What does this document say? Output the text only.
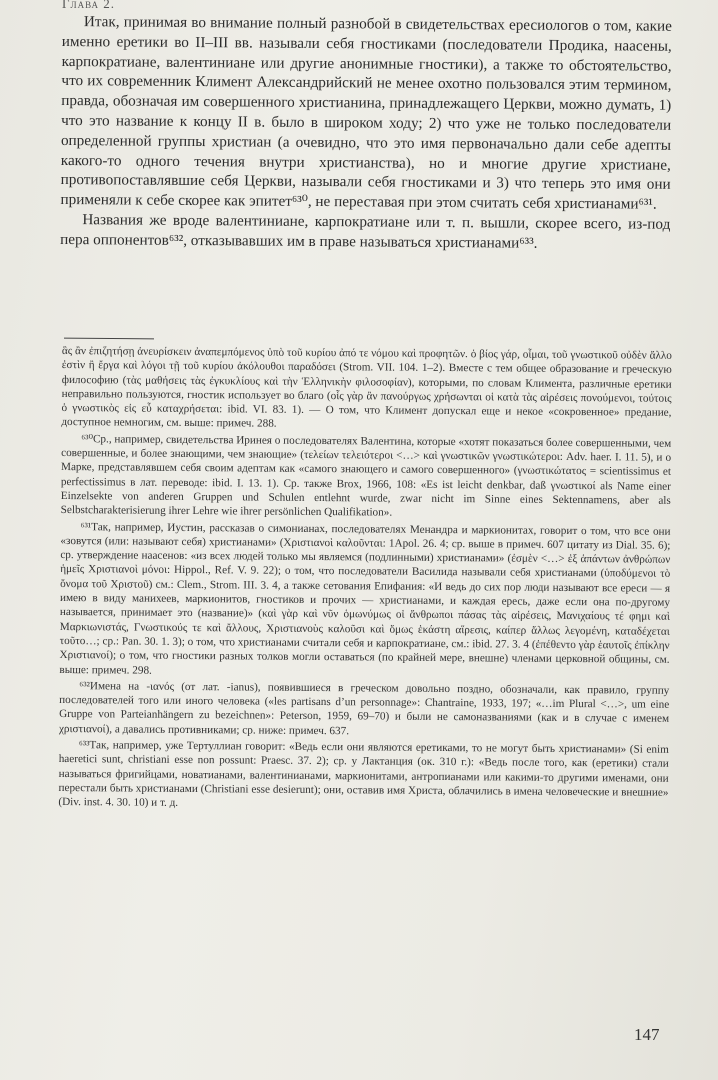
Глава 2.

Итак, принимая во внимание полный разнобой в свидетельствах ересиологов о том, какие именно еретики во II–III вв. называли себя гностиками (последователи Продика, наасены, карпократиане, валентиниане или другие анонимные гностики), а также то обстоятельство, что их современник Климент Александрийский не менее охотно пользовался этим термином, правда, обозначая им совершенного христианина, принадлежащего Церкви, можно думать, 1) что это название к концу II в. было в широком ходу; 2) что уже не только последователи определенной группы христиан (а очевидно, что это имя первоначально дали себе адепты какого-то одного течения внутри христианства), но и многие другие христиане, противопоставлявшие себя Церкви, называли себя гностиками и 3) что теперь это имя они применяли к себе скорее как эпитет⁶³⁰, не переставая при этом считать себя христианами⁶³¹.

Названия же вроде валентиниане, карпократиане или т. п. вышли, скорее всего, из-под пера оппонентов⁶³², отказывавших им в праве называться христианами⁶³³.

ἃς ἂν ἐπιζητήσῃ ἀνευρίσκειν ἀναπεμπόμενος ὑπὸ τοῦ κυρίου ἀπό τε νόμου καὶ προφητῶν. ὁ βίος γάρ, οἶμαι, τοῦ γνωστικοῦ οὐδὲν ἄλλο ἐστὶν ἢ ἔργα καὶ λόγοι τῇ τοῦ κυρίου ἀκόλουθοι παραδόσει (Strom. VII. 104. 1–2). Вместе с тем общее образование и греческую философию (τὰς μαθήσεις τὰς ἐγκυκλίους καὶ τὴν Ἑλληνικὴν φιλοσοφίαν), которыми, по словам Климента, различные еретики неправильно пользуются, гностик использует во благо (οἷς γὰρ ἂν πανούργως χρήσωνται οἱ κατὰ τὰς αἱρέσεις πονούμενοι, τούτοις ὁ γνωστικὸς εἰς εὖ καταχρήσεται: ibid. VI. 83. 1). — О том, что Климент допускал еще и некое «сокровенное» предание, доступное немногим, см. выше: примеч. 288.

⁶³⁰Ср., например, свидетельства Иринея о последователях Валентина, которые «хотят показаться более совершенными, чем совершенные, и более знающими, чем знающие» (τελείων τελειότεροι <…> καὶ γνωστικῶν γνωστικώτεροι: Adv. haer. I. 11. 5), и о Марке, представлявшем себя своим адептам как «самого знающего и самого совершенного» (γνωστικώτατος = scientissimus et perfectissimus в лат. переводе: ibid. I. 13. 1). Ср. также Brox, 1966, 108: «Es ist leicht denkbar, daß γνωστικοί als Name einer Einzelsekte von anderen Gruppen und Schulen entlehnt wurde, zwar nicht im Sinne eines Sektennamens, aber als Selbstcharakterisierung ihrer Lehre wie ihrer persönlichen Qualifikation».

⁶³¹Так, например, Иустин, рассказав о симонианах, последователях Менандра и маркионитах, говорит о том, что все они «зовутся (или: называют себя) христианами» (Χριστιανοὶ καλοῦνται: 1Apol. 26. 4; ср. выше в примеч. 607 цитату из Dial. 35. 6); ср. утверждение наасенов: «из всех людей только мы являемся (подлинными) христианами» (ἐσμὲν <…> ἐξ ἁπάντων ἀνθρώπων ἡμεῖς Χριστιανοὶ μόνοι: Hippol., Ref. V. 9. 22); о том, что последователи Василида называли себя христианами (ὑποδύμενοι τὸ ὄνομα τοῦ Χριστοῦ) см.: Clem., Strom. III. 3. 4, а также сетования Епифания: «И ведь до сих пор люди называют все ереси — я имею в виду манихеев, маркионитов, гностиков и прочих — христианами, и каждая ересь, даже если она по-другому называется, принимает это (название)» (καὶ γὰρ καὶ νῦν ὁμωνύμως οἱ ἄνθρωποι πάσας τὰς αἱρέσεις, Μανιχαίους τέ φημι καὶ Μαρκιωνιστάς, Γνωστικούς τε καὶ ἄλλους, Χριστιανοὺς καλοῦσι καὶ ὅμως ἑκάστη αἵρεσις, καίπερ ἄλλως λεγομένη, καταδέχεται τοῦτο…; ср.: Pan. 30. 1. 3); о том, что христианами считали себя и карпократиане, см.: ibid. 27. 3. 4 (ἐπέθεντο γὰρ ἑαυτοῖς ἐπίκλην Χριστιανοί); о том, что гностики разных толков могли оставаться (по крайней мере, внешне) членами церковной общины, см. выше: примеч. 298.

⁶³²Имена на -ιανός (от лат. -ianus), появившиеся в греческом довольно поздно, обозначали, как правило, группу последователей того или иного человека («les partisans d’un personnage»: Chantraine, 1933, 197; «…im Plural <…>, um eine Gruppe von Parteianhängern zu bezeichnen»: Peterson, 1959, 69–70) и были не самоназваниями (как и в случае с именем χριστιανοί), а давались противниками; ср. ниже: примеч. 637.

⁶³³Так, например, уже Тертуллиан говорит: «Ведь если они являются еретиками, то не могут быть христианами» (Si enim haeretici sunt, christiani esse non possunt: Praesc. 37. 2); ср. у Лактанция (ок. 310 г.): «Ведь после того, как (еретики) стали называться фригийцами, новатианами, валентинианами, маркионитами, антропианами или какими-то другими именами, они перестали быть христианами (Christiani esse desierunt); они, оставив имя Христа, облачились в имена человеческие и внешние» (Div. inst. 4. 30. 10) и т. д.

147
